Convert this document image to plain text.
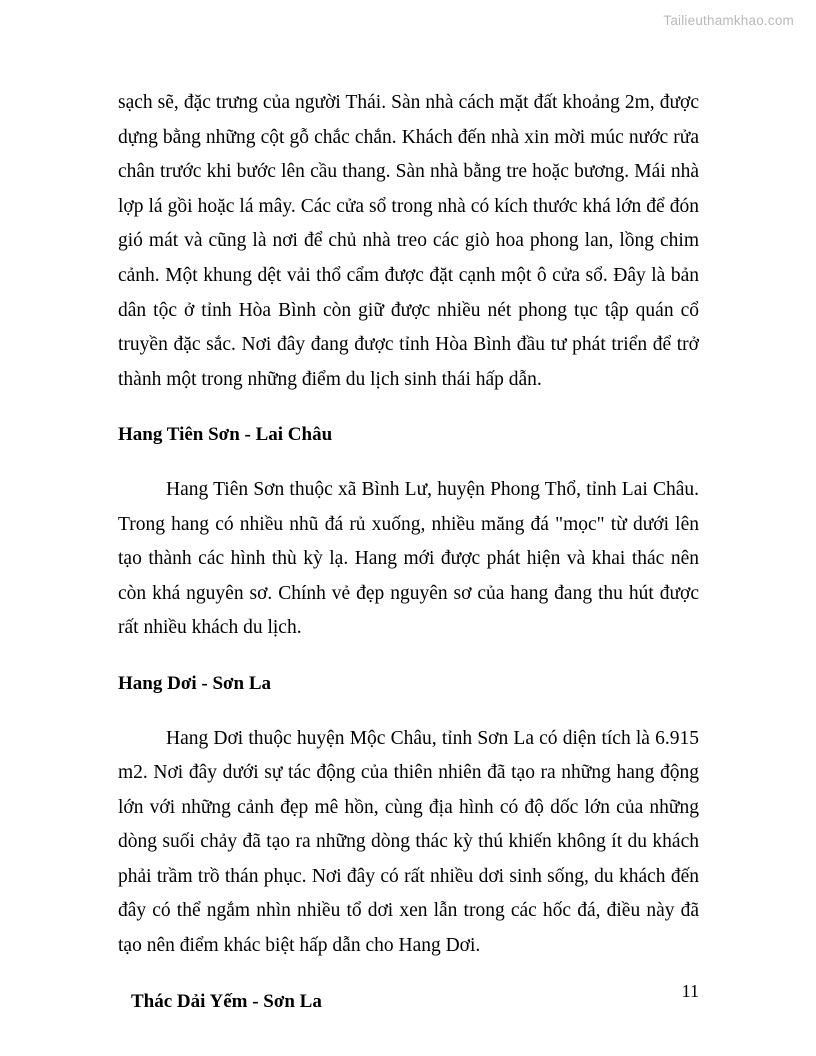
Tailieuthamkhao.com

sạch sẽ, đặc trưng của người Thái. Sàn nhà cách mặt đất khoảng 2m, được dựng bằng những cột gỗ chắc chắn. Khách đến nhà xin mời múc nước rửa chân trước khi bước lên cầu thang. Sàn nhà bằng tre hoặc bương. Mái nhà lợp lá gồi hoặc lá mây. Các cửa sổ trong nhà có kích thước khá lớn để đón gió mát và cũng là nơi để chủ nhà treo các giò hoa phong lan, lồng chim cảnh. Một khung dệt vải thổ cẩm được đặt cạnh một ô cửa sổ. Đây là bản dân tộc ở tỉnh Hòa Bình còn giữ được nhiều nét phong tục tập quán cổ truyền đặc sắc. Nơi đây đang được tỉnh Hòa Bình đầu tư phát triển để trở thành một trong những điểm du lịch sinh thái hấp dẫn.

Hang Tiên Sơn - Lai Châu

Hang Tiên Sơn thuộc xã Bình Lư, huyện Phong Thổ, tỉnh Lai Châu. Trong hang có nhiều nhũ đá rủ xuống, nhiều măng đá "mọc" từ dưới lên tạo thành các hình thù kỳ lạ. Hang mới được phát hiện và khai thác nên còn khá nguyên sơ. Chính vẻ đẹp nguyên sơ của hang đang thu hút được rất nhiều khách du lịch.

Hang Dơi - Sơn La

Hang Dơi thuộc huyện Mộc Châu, tỉnh Sơn La có diện tích là 6.915 m2. Nơi đây dưới sự tác động của thiên nhiên đã tạo ra những hang động lớn với những cảnh đẹp mê hồn, cùng địa hình có độ dốc lớn của những dòng suối chảy đã tạo ra những dòng thác kỳ thú khiến không ít du khách phải trầm trồ thán phục. Nơi đây có rất nhiều dơi sinh sống, du khách đến đây có thể ngắm nhìn nhiều tổ dơi xen lẫn trong các hốc đá, điều này đã tạo nên điểm khác biệt hấp dẫn cho Hang Dơi.

Thác Dải Yếm - Sơn La	11
